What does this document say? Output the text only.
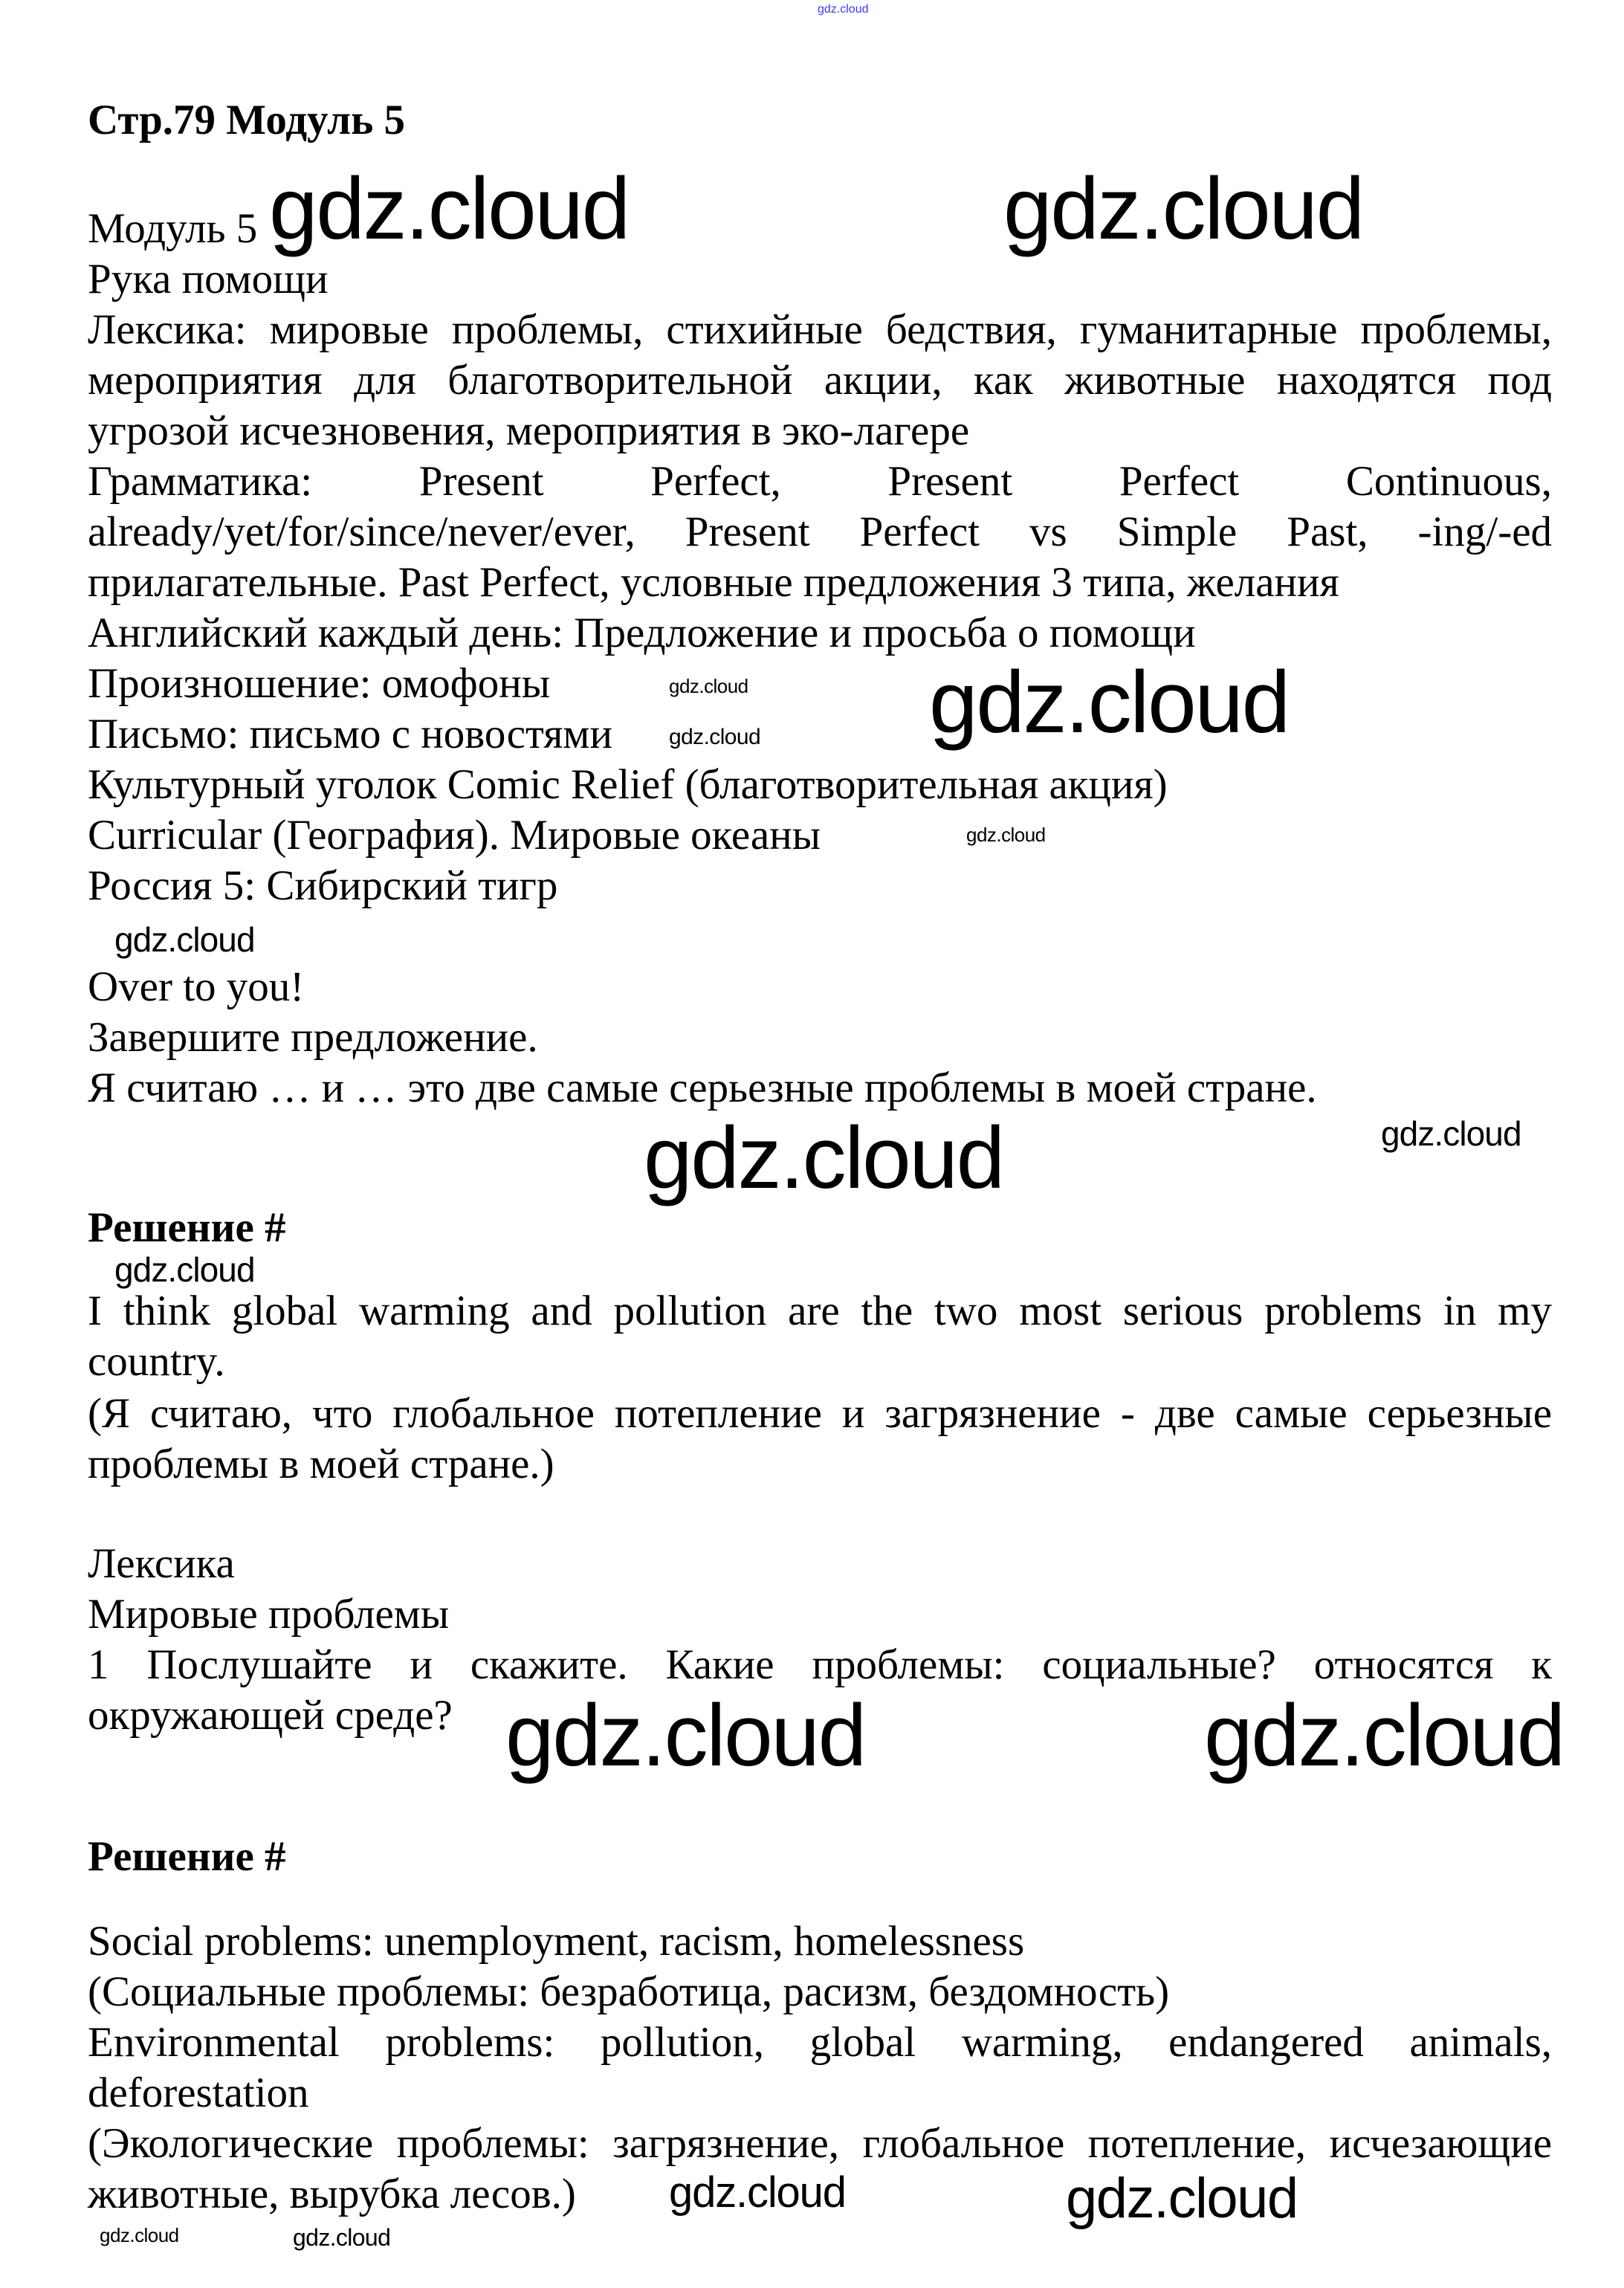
gdz.cloud
Стр.79 Модуль 5
Модуль 5
Рука помощи
Лексика: мировые проблемы, стихийные бедствия, гуманитарные проблемы,
мероприятия для благотворительной акции, как животные находятся под
угрозой исчезновения, мероприятия в эко-лагере
Грамматика: Present Perfect, Present Perfect Continuous,
already/yet/for/since/never/ever, Present Perfect vs Simple Past, -ing/-ed
прилагательные. Past Perfect, условные предложения 3 типа, желания
Английский каждый день: Предложение и просьба о помощи
Произношение: омофоны
Письмо: письмо с новостями
Культурный уголок Comic Relief (благотворительная акция)
Curricular (География). Мировые океаны
Россия 5: Сибирский тигр
Over to you!
Завершите предложение.
Я считаю … и … это две самые серьезные проблемы в моей стране.
Решение #
I think global warming and pollution are the two most serious problems in my
country.
(Я считаю, что глобальное потепление и загрязнение - две самые серьезные
проблемы в моей стране.)
Лексика
Мировые проблемы
1 Послушайте и скажите. Какие проблемы: социальные? относятся к
окружающей среде?
Решение #
Social problems: unemployment, racism, homelessness
(Социальные проблемы: безработица, расизм, бездомность)
Environmental problems: pollution, global warming, endangered animals,
deforestation
(Экологические проблемы: загрязнение, глобальное потепление, исчезающие
животные, вырубка лесов.)
gdz.cloud	gdz.cloud
gdz.cloud
gdz.cloud
gdz.cloud	gdz.cloud
gdz.cloud
gdz.cloud
gdz.cloud
gdz.cloud	gdz.cloud
gdz.cloud
gdz.cloud
gdz.cloud
gdz.cloud	gdz.cloud
